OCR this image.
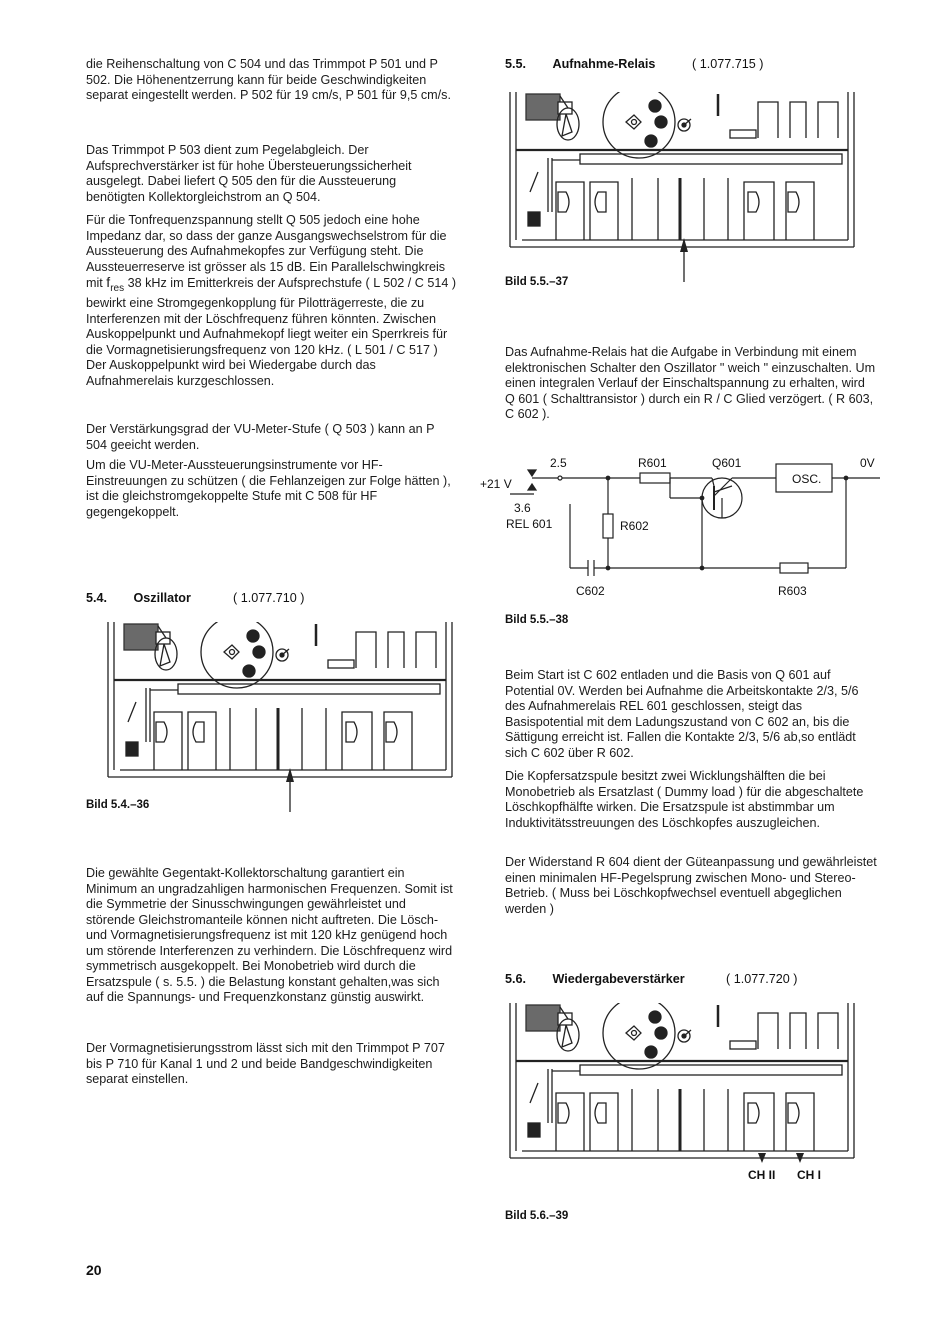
die Reihenschaltung von C 504 und das Trimmpot P 501 und P 502. Die Höhenentzerrung kann für beide Geschwindigkeiten separat eingestellt werden. P 502 für 19 cm/s, P 501 für 9,5 cm/s.

Das Trimmpot P 503 dient zum Pegelabgleich. Der Aufsprechverstärker ist für hohe Übersteuerungssicherheit ausgelegt. Dabei liefert Q 505 den für die Aussteuerung benötigten Kollektorgleichstrom an Q 504.

Für die Tonfrequenzspannung stellt Q 505 jedoch eine hohe Impedanz dar, so dass der ganze Ausgangswechselstrom für die Aussteuerung des Aufnahmekopfes zur Verfügung steht. Die Aussteuerreserve ist grösser als 15 dB. Ein Parallelschwingkreis mit $f_{res}$ 38 kHz im Emitterkreis der Aufsprechstufe ( L 502 / C 514 ) bewirkt eine Stromgegenkopplung für Pilotträgerreste, die zu Interferenzen mit der Löschfrequenz führen könnten. Zwischen Auskoppelpunkt und Aufnahmekopf liegt weiter ein Sperrkreis für die Vormagnetisierungsfrequenz von 120 kHz. ( L 501 / C 517 ) Der Auskoppelpunkt wird bei Wiedergabe durch das Aufnahmerelais kurzgeschlossen.

Der Verstärkungsgrad der VU-Meter-Stufe ( Q 503 ) kann an P 504 geeicht werden.

Um die VU-Meter-Aussteuerungsinstrumente vor HF-Einstreuungen zu schützen ( die Fehlanzeigen zur Folge hätten ), ist die gleichstromgekoppelte Stufe mit C 508 für HF gegengekoppelt.

5.4. Oszillator	( 1.077.710 )
Bild 5.4.–36

Die gewählte Gegentakt-Kollektorschaltung garantiert ein Minimum an ungradzahligen harmonischen Frequenzen. Somit ist die Symmetrie der Sinusschwingungen gewährleistet und störende Gleichstromanteile können nicht auftreten. Die Lösch- und Vormagnetisierungsfrequenz ist mit 120 kHz genügend hoch um störende Interferenzen zu verhindern. Die Löschfrequenz wird symmetrisch ausgekoppelt. Bei Monobetrieb wird durch die Ersatzspule ( s. 5.5. ) die Belastung konstant gehalten,was sich auf die Spannungs- und Frequenzkonstanz günstig auswirkt.

Der Vormagnetisierungsstrom lässt sich mit den Trimmpot P 707 bis P 710 für Kanal 1 und 2 und beide Bandgeschwindigkeiten separat einstellen.

20
5.5. Aufnahme-Relais	( 1.077.715 )
Bild 5.5.–37

Das Aufnahme-Relais hat die Aufgabe in Verbindung mit einem elektronischen Schalter den Oszillator " weich " einzuschalten. Um einen integralen Verlauf der Einschaltspannung zu erhalten, wird Q 601 ( Schalttransistor ) durch ein R / C Glied verzögert. ( R 603, C 602 ).

2.5
+21 V
3.6
REL 601
R601	Q601
OSC.
0V
R602
C602	R603
Bild 5.5.–38

Beim Start ist C 602 entladen und die Basis von Q 601 auf Potential 0V. Werden bei Aufnahme die Arbeitskontakte 2/3, 5/6 des Aufnahmerelais REL 601 geschlossen, steigt das Basispotential mit dem Ladungszustand von C 602 an, bis die Sättigung erreicht ist. Fallen die Kontakte 2/3, 5/6 ab,so entlädt sich C 602 über R 602.

Die Kopfersatzspule besitzt zwei Wicklungshälften die bei Monobetrieb als Ersatzlast ( Dummy load ) für die abgeschaltete Löschkopfhälfte wirken. Die Ersatzspule ist abstimmbar um Induktivitätsstreuungen des Löschkopfes auszugleichen.

Der Widerstand R 604 dient der Güteanpassung und gewährleistet einen minimalen HF-Pegelsprung zwischen Mono- und Stereo-Betrieb. ( Muss bei Löschkopfwechsel eventuell abgeglichen werden )

5.6. Wiedergabeverstärker	( 1.077.720 )
CH II CH I
Bild 5.6.–39
